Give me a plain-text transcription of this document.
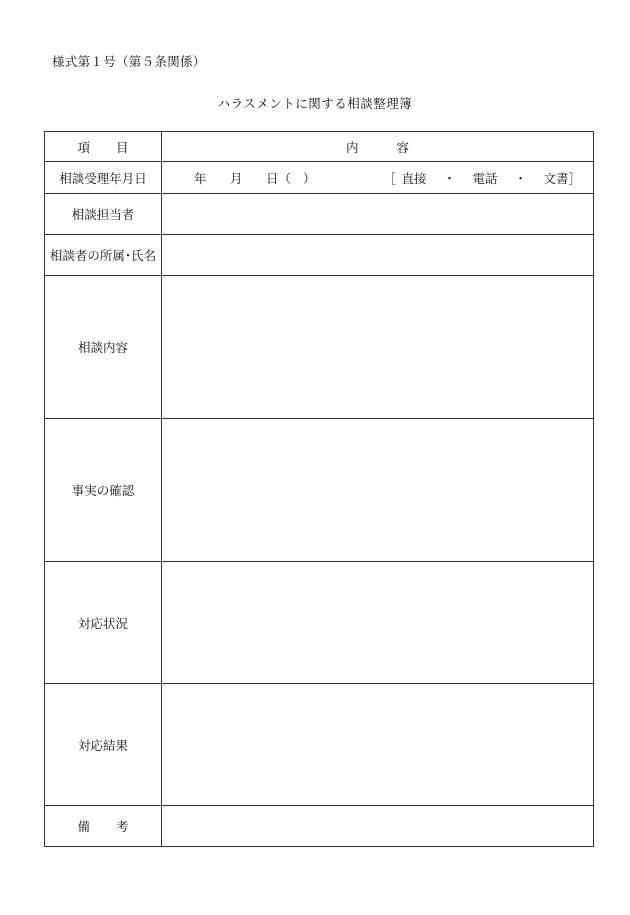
様式第１号（第５条関係）
ハラスメントに関する相談整理簿
項 目	内 容
相談受理年月日	年 月 日（ ） ［ 直接 ・ 電話 ・ 文書］

相談担当者	
相談者の所属･氏名	
相談内容	
事実の確認	
対応状況	
対応結果	
備 考	
